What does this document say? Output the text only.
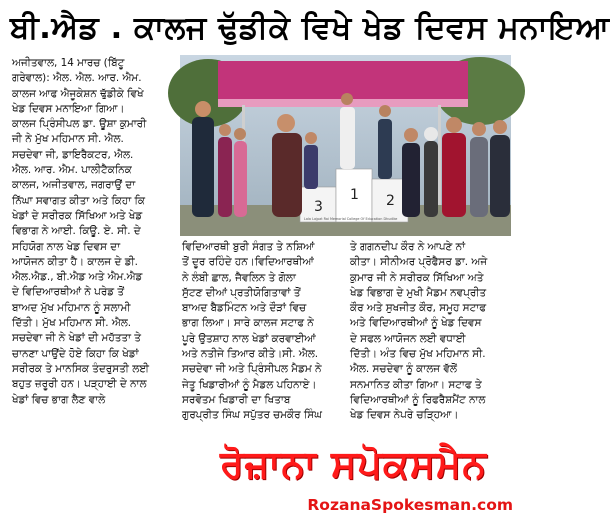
ਬੀ.ਐਡ . ਕਾਲਜ ਢੁੱਡੀਕੇ ਵਿਖੇ ਖੇਡ ਦਿਵਸ ਮਨਾਇਆ
ਅਜੀਤਵਾਲ, 14 ਮਾਰਚ (ਬਿੱਟੂ
ਗਰੇਵਾਲ): ਐਲ. ਐਲ. ਆਰ. ਐਮ.
ਕਾਲਜ ਆਫ ਐਜੂਕੇਸ਼ਨ ਢੁੱਡੀਕੇ ਵਿਖੇ
ਖੇਡ ਦਿਵਸ ਮਨਾਇਆ ਗਿਆ।
ਕਾਲਜ ਪ੍ਰਿੰਸੀਪਲ ਡਾ. ਊਸ਼ਾ ਕੁਮਾਰੀ
ਜੀ ਨੇ ਮੁੱਖ ਮਹਿਮਾਨ ਸੀ. ਐਲ.
ਸਚਦੇਵਾ ਜੀ, ਡਾਇਰੈਕਟਰ, ਐਲ.
ਐਲ. ਆਰ. ਐਮ. ਪਾਲੀਟੈਕਨਿਕ
ਕਾਲਜ, ਅਜੀਤਵਾਲ, ਜਗਰਾਉਂ ਦਾ
ਨਿੱਘਾ ਸਵਾਗਤ ਕੀਤਾ ਅਤੇ ਕਿਹਾ ਕਿ
ਖੇਡਾਂ ਦੇ ਸਰੀਰਕ ਸਿੱਖਿਆ ਅਤੇ ਖੇਡ
ਵਿਭਾਗ ਨੇ ਆਈ. ਕਿਊ. ਏ. ਸੀ. ਦੇ
ਸਹਿਯੋਗ ਨਾਲ ਖੇਡ ਦਿਵਸ ਦਾ
ਆਯੋਜਨ ਕੀਤਾ ਹੈ। ਕਾਲਜ ਦੇ ਡੀ.
ਐਲ.ਐਡ., ਬੀ.ਐਡ ਅਤੇ ਐਮ.ਐਡ
ਦੇ ਵਿਦਿਆਰਥੀਆਂ ਨੇ ਪਰੇਡ ਤੋਂ
ਬਾਅਦ ਮੁੱਖ ਮਹਿਮਾਨ ਨੂੰ ਸਲਾਮੀ
ਦਿੱਤੀ। ਮੁੱਖ ਮਹਿਮਾਨ ਸੀ. ਐਲ.
ਸਚਦੇਵਾ ਜੀ ਨੇ ਖੇਡਾਂ ਦੀ ਮਹੱਤਤਾ ਤੇ
ਚਾਨਣਾ ਪਾਉਂਦੇ ਹੋਏ ਕਿਹਾ ਕਿ ਖੇਡਾਂ
ਸਰੀਰਕ ਤੇ ਮਾਨਸਿਕ ਤੰਦਰੁਸਤੀ ਲਈ
ਬਹੁਤ ਜ਼ਰੂਰੀ ਹਨ। ਪੜ੍ਹਾਈ ਦੇ ਨਾਲ
ਖੇਡਾਂ ਵਿਚ ਭਾਗ ਲੈਣ ਵਾਲੇ
3
1 2
Lala Lajpat Rai Memorial College Of Education Dhudike
ਵਿਦਿਆਰਥੀ ਬੁਰੀ ਸੰਗਤ ਤੇ ਨਸ਼ਿਆਂ
ਤੋਂ ਦੂਰ ਰਹਿੰਦੇ ਹਨ।ਵਿਦਿਆਰਥੀਆਂ
ਨੇ ਲੰਬੀ ਛਾਲ, ਜੈਵਲਿਨ ਤੇ ਗੋਲਾ
ਸੁੱਟਣ ਦੀਆਂ ਪ੍ਰਤੀਯੋਗਿਤਾਵਾਂ ਤੋਂ
ਬਾਅਦ ਬੈਡਮਿੰਟਨ ਅਤੇ ਦੌੜਾਂ ਵਿਚ
ਭਾਗ ਲਿਆ। ਸਾਰੇ ਕਾਲਜ ਸਟਾਫ ਨੇ
ਪੂਰੇ ਉਤਸ਼ਾਹ ਨਾਲ ਖੇਡਾਂ ਕਰਵਾਈਆਂ
ਅਤੇ ਨਤੀਜੇ ਤਿਆਰ ਕੀਤੇ।ਸੀ. ਐਲ.
ਸਚਦੇਵਾ ਜੀ ਅਤੇ ਪ੍ਰਿੰਸੀਪਲ ਮੈਡਮ ਨੇ
ਜੇਤੂ ਖਿਡਾਰੀਆਂ ਨੂੰ ਮੈਡਲ ਪਹਿਨਾਏ।
ਸਰਵੋਤਮ ਖਿਡਾਰੀ ਦਾ ਖਿਤਾਬ
ਗੁਰਪ੍ਰੀਤ ਸਿੰਘ ਸਪੁੱਤਰ ਚਮਕੌਰ ਸਿੰਘ
ਤੇ ਗਗਨਦੀਪ ਕੌਰ ਨੇ ਆਪਣੇ ਨਾਂ
ਕੀਤਾ। ਸੀਨੀਅਰ ਪ੍ਰੋਫੈਸਰ ਡਾ. ਅਜੇ
ਕੁਮਾਰ ਜੀ ਨੇ ਸਰੀਰਕ ਸਿੱਖਿਆ ਅਤੇ
ਖੇਡ ਵਿਭਾਗ ਦੇ ਮੁਖੀ ਮੈਡਮ ਨਵਪ੍ਰੀਤ
ਕੌਰ ਅਤੇ ਸੁਖਜੀਤ ਕੌਰ, ਸਮੂਹ ਸਟਾਫ
ਅਤੇ ਵਿਦਿਆਰਥੀਆਂ ਨੂੰ ਖੇਡ ਦਿਵਸ
ਦੇ ਸਫਲ ਆਯੋਜਨ ਲਈ ਵਧਾਈ
ਦਿੱਤੀ। ਅੰਤ ਵਿਚ ਮੁੱਖ ਮਹਿਮਾਨ ਸੀ.
ਐਲ. ਸਚਦੇਵਾ ਨੂੰ ਕਾਲਜ ਵੱਲੋਂ
ਸਨਮਾਨਿਤ ਕੀਤਾ ਗਿਆ। ਸਟਾਫ ਤੇ
ਵਿਦਿਆਰਥੀਆਂ ਨੂੰ ਰਿਫਰੈਸ਼ਮੈਂਟ ਨਾਲ
ਖੇਡ ਦਿਵਸ ਨੇਪਰੇ ਚੜ੍ਹਿਆ।
ਰੋਜ਼ਾਨਾ ਸਪੋਕਸਮੈਨ
RozanaSpokesman.com
